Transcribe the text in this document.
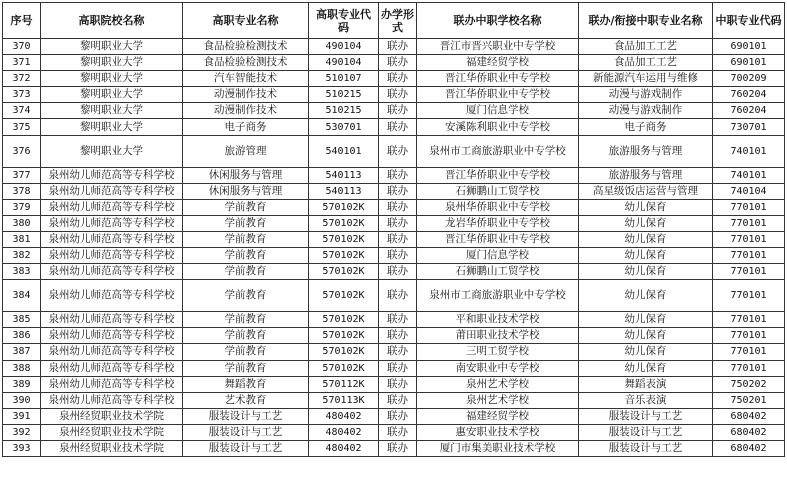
序号	高职院校名称	高职专业名称	高职专业代码	办学形式	联办中职学校名称	联办/衔接中职专业名称	中职专业代码
370	黎明职业大学	食品检验检测技术	490104	联办	晋江市晋兴职业中专学校	食品加工工艺	690101
371	黎明职业大学	食品检验检测技术	490104	联办	福建经贸学校	食品加工工艺	690101
372	黎明职业大学	汽车智能技术	510107	联办	晋江华侨职业中专学校	新能源汽车运用与维修	700209
373	黎明职业大学	动漫制作技术	510215	联办	晋江华侨职业中专学校	动漫与游戏制作	760204
374	黎明职业大学	动漫制作技术	510215	联办	厦门信息学校	动漫与游戏制作	760204
375	黎明职业大学	电子商务	530701	联办	安溪陈利职业中专学校	电子商务	730701
376	黎明职业大学	旅游管理	540101	联办	泉州市工商旅游职业中专学校	旅游服务与管理	740101
377	泉州幼儿师范高等专科学校	休闲服务与管理	540113	联办	晋江华侨职业中专学校	旅游服务与管理	740101
378	泉州幼儿师范高等专科学校	休闲服务与管理	540113	联办	石狮鹏山工贸学校	高星级饭店运营与管理	740104
379	泉州幼儿师范高等专科学校	学前教育	570102K	联办	泉州华侨职业中专学校	幼儿保育	770101
380	泉州幼儿师范高等专科学校	学前教育	570102K	联办	龙岩华侨职业中专学校	幼儿保育	770101
381	泉州幼儿师范高等专科学校	学前教育	570102K	联办	晋江华侨职业中专学校	幼儿保育	770101
382	泉州幼儿师范高等专科学校	学前教育	570102K	联办	厦门信息学校	幼儿保育	770101
383	泉州幼儿师范高等专科学校	学前教育	570102K	联办	石狮鹏山工贸学校	幼儿保育	770101
384	泉州幼儿师范高等专科学校	学前教育	570102K	联办	泉州市工商旅游职业中专学校	幼儿保育	770101
385	泉州幼儿师范高等专科学校	学前教育	570102K	联办	平和职业技术学校	幼儿保育	770101
386	泉州幼儿师范高等专科学校	学前教育	570102K	联办	莆田职业技术学校	幼儿保育	770101
387	泉州幼儿师范高等专科学校	学前教育	570102K	联办	三明工贸学校	幼儿保育	770101
388	泉州幼儿师范高等专科学校	学前教育	570102K	联办	南安职业中专学校	幼儿保育	770101
389	泉州幼儿师范高等专科学校	舞蹈教育	570112K	联办	泉州艺术学校	舞蹈表演	750202
390	泉州幼儿师范高等专科学校	艺术教育	570113K	联办	泉州艺术学校	音乐表演	750201
391	泉州经贸职业技术学院	服装设计与工艺	480402	联办	福建经贸学校	服装设计与工艺	680402
392	泉州经贸职业技术学院	服装设计与工艺	480402	联办	惠安职业技术学校	服装设计与工艺	680402
393	泉州经贸职业技术学院	服装设计与工艺	480402	联办	厦门市集美职业技术学校	服装设计与工艺	680402
